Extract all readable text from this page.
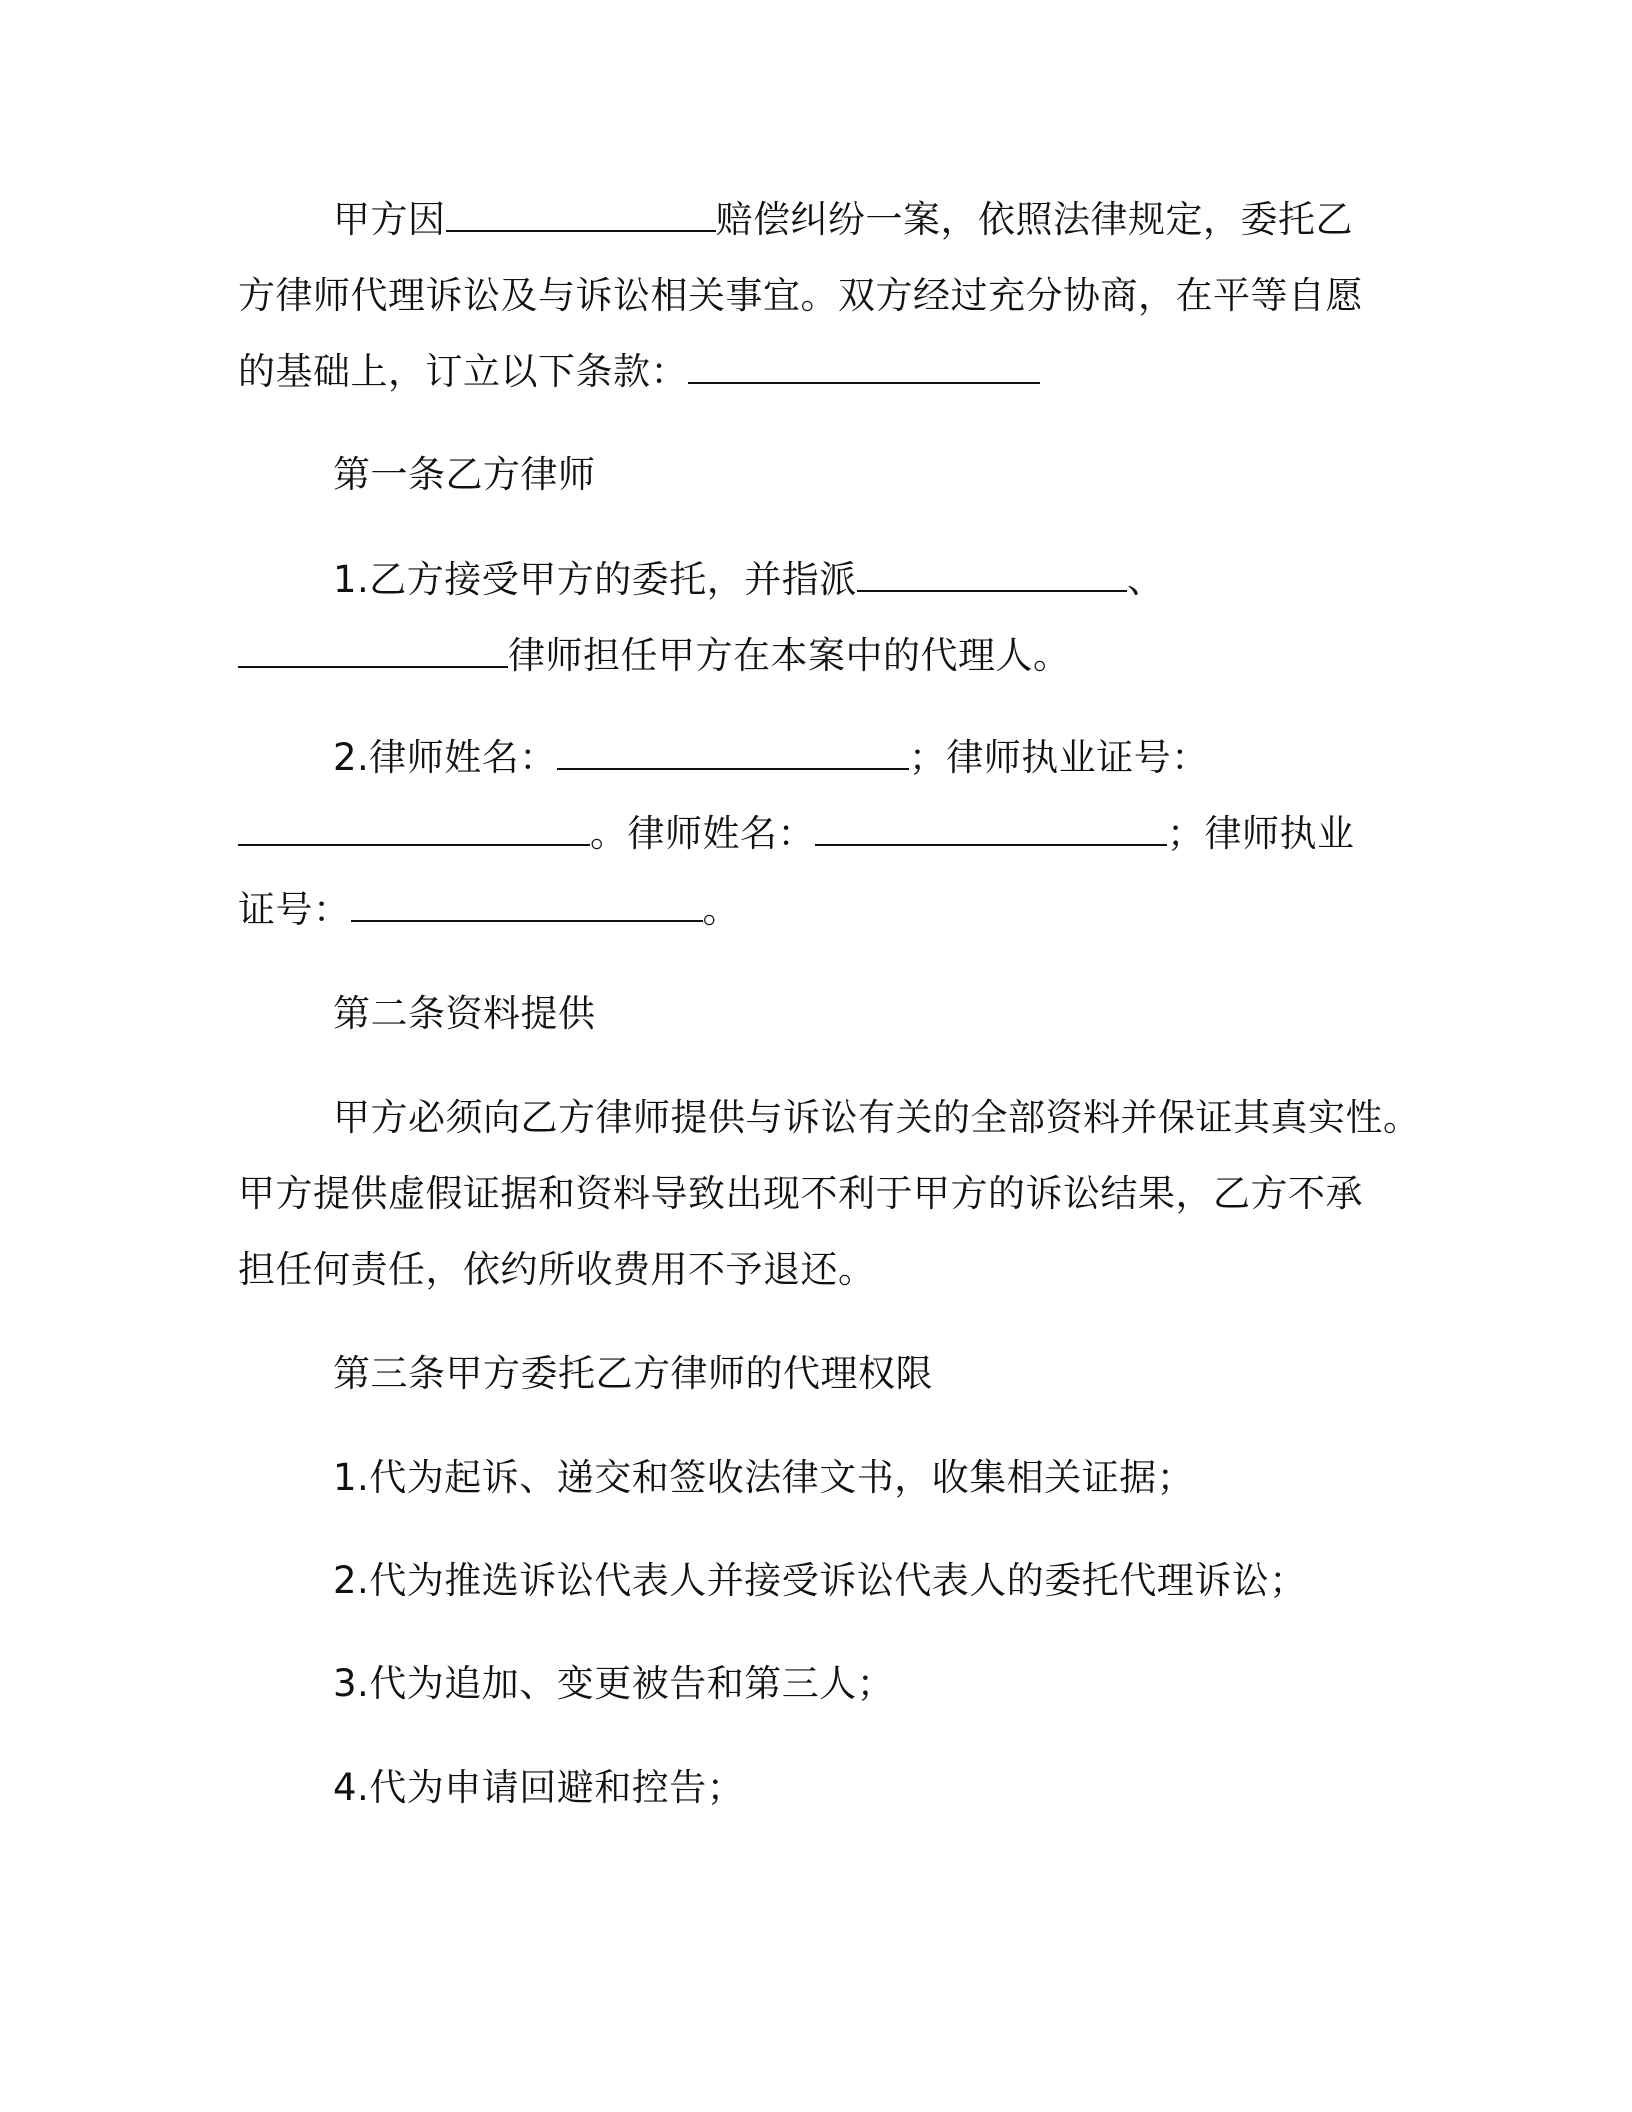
甲方因	赔偿纠纷一案，依照法律规定，委托乙
方律师代理诉讼及与诉讼相关事宜。双方经过充分协商，在平等自愿
的基础上，订立以下条款：
第一条乙方律师
1.乙方接受甲方的委托，并指派	、
律师担任甲方在本案中的代理人。
2.律师姓名：	；律师执业证号：
。律师姓名：	；律师执业
证号：	。
第二条资料提供
甲方必须向乙方律师提供与诉讼有关的全部资料并保证其真实性。
甲方提供虚假证据和资料导致出现不利于甲方的诉讼结果，乙方不承
担任何责任，依约所收费用不予退还。
第三条甲方委托乙方律师的代理权限
1.代为起诉、递交和签收法律文书，收集相关证据；
2.代为推选诉讼代表人并接受诉讼代表人的委托代理诉讼；
3.代为追加、变更被告和第三人；
4.代为申请回避和控告；
